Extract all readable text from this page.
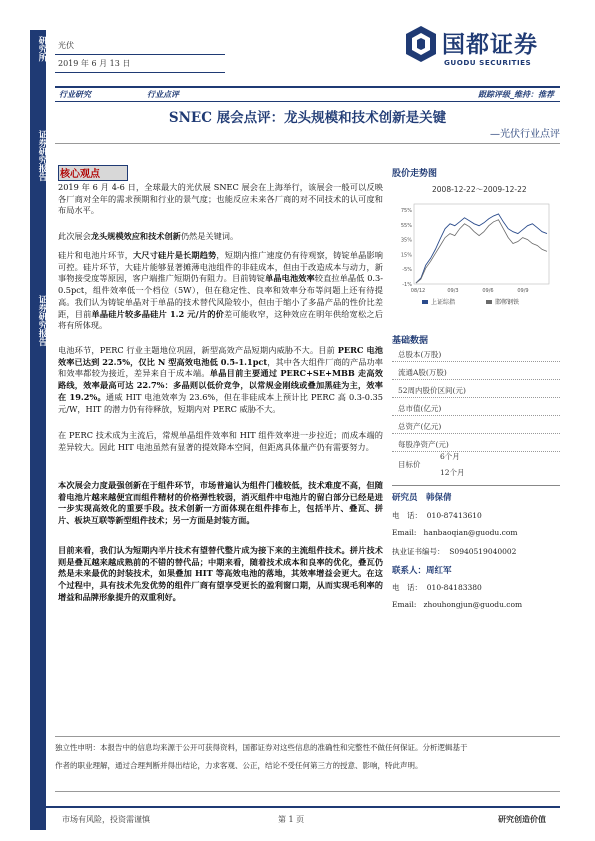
研究所
证券研究报告
证券研究报告
光伏
2019 年 6 月 13 日
国都证券
GUODU SECURITIES
行业研究	行业点评	跟踪评级_维持：推荐
SNEC 展会点评：龙头规模和技术创新是关键
—光伏行业点评
核心观点
2019 年 6 月 4-6 日，全球最大的光伏展 SNEC 展会在上海举行，该展会一般可以反映各厂商对全年的需求预期和行业的景气度；也能反应未来各厂商的对不同技术的认可度和布局水平。
此次展会龙头规模效应和技术创新仍然是关键词。
硅片和电池片环节，大尺寸硅片是长期趋势，短期内推广速度仍有待观察，铸锭单晶影响可控。硅片环节，大硅片能够显著摊薄电池组件的非硅成本，但由于改造成本与动力，新事物接受度等原因，客户端推广短期仍有阻力。目前铸锭单晶电池效率较直拉单晶低 0.3-0.5pct，组件效率低一个档位（5W），但在稳定性、良率和效率分布等问题上还有待提高。我们认为铸锭单晶对于单晶的技术替代风险较小，但由于缩小了多晶产品的性价比差距，目前单晶硅片较多晶硅片 1.2 元/片的价差可能收窄，这种效应在明年供给宽松之后将有所体现。
电池环节，PERC 行业主题地位巩固，新型高效产品短期内威胁不大。目前 PERC 电池效率已达到 22.5%，仅比 N 型高效电池低 0.5-1.1pct，其中各大组件厂商的产品功率和效率都较为接近，差异来自于成本端。单晶目前主要通过 PERC+SE+MBB 走高效路线，效率最高可达 22.7%：多晶则以低价竞争，以常规金刚线或叠加黑硅为主，效率在 19.2%。通威 HIT 电池效率为 23.6%，但在非硅成本上预计比 PERC 高 0.3-0.35 元/W，HIT 的潜力仍有待释放，短期内对 PERC 威胁不大。
在 PERC 技术成为主流后，常规单晶组件效率和 HIT 组件效率进一步拉近；而成本端的差异较大。因此 HIT 电池虽然有显著的提效降本空间，但距离具体量产仍有需要努力。
本次展会力度最强创新在于组件环节，市场普遍认为组件门槛较低，技术难度不高，但随着电池片越来越便宜而组件精材的价格弹性较弱，消灭组件中电池片的留白部分已经是进一步实现高效化的重要手段。技术创新一方面体现在组件排布上，包括半片、叠瓦、拼片、板块互联等新型组件技术；另一方面是封装方面。
目前来看，我们认为短期内半片技术有望替代整片成为接下来的主流组件技术。拼片技术则是叠瓦越来越成熟前的不错的替代品；中期来看，随着技术成本和良率的优化，叠瓦仍然是未来最优的封装技术，如果叠加 HIT 等高效电池的落地，其效率增益会更大。在这个过程中，具有技术先发优势的组件厂商有望享受更长的盈利窗口期，从而实现毛利率的增益和品牌形象提升的双重利好。
股价走势图
2008-12-22～2009-12-22
75%
55%
35%
15%
-5%
-1%
08/12	09/3	09/6	09/9
上证综指	邯郸钢铁
基础数据
总股本(万股)
流通A股(万股)
52周内股价区间(元)
总市值(亿元)
总资产(亿元)
每股净资产(元)
目标价
6个月
12个月
研究员  韩保倩
电　话： 010-87413610
Email: hanbaoqian@guodu.com
执业证书编号： S0940519040002
联系人：周红军
电　话： 010-84183380
Email: zhouhongjun@guodu.com

独立性申明：本报告中的信息均来源于公开可获得资料，国都证券对这些信息的准确性和完整性不做任何保证。分析逻辑基于

作者的职业理解，通过合理判断并得出结论，力求客观、公正，结论不受任何第三方的授意、影响，特此声明。

市场有风险，投资需谨慎	第 1 页	研究创造价值
